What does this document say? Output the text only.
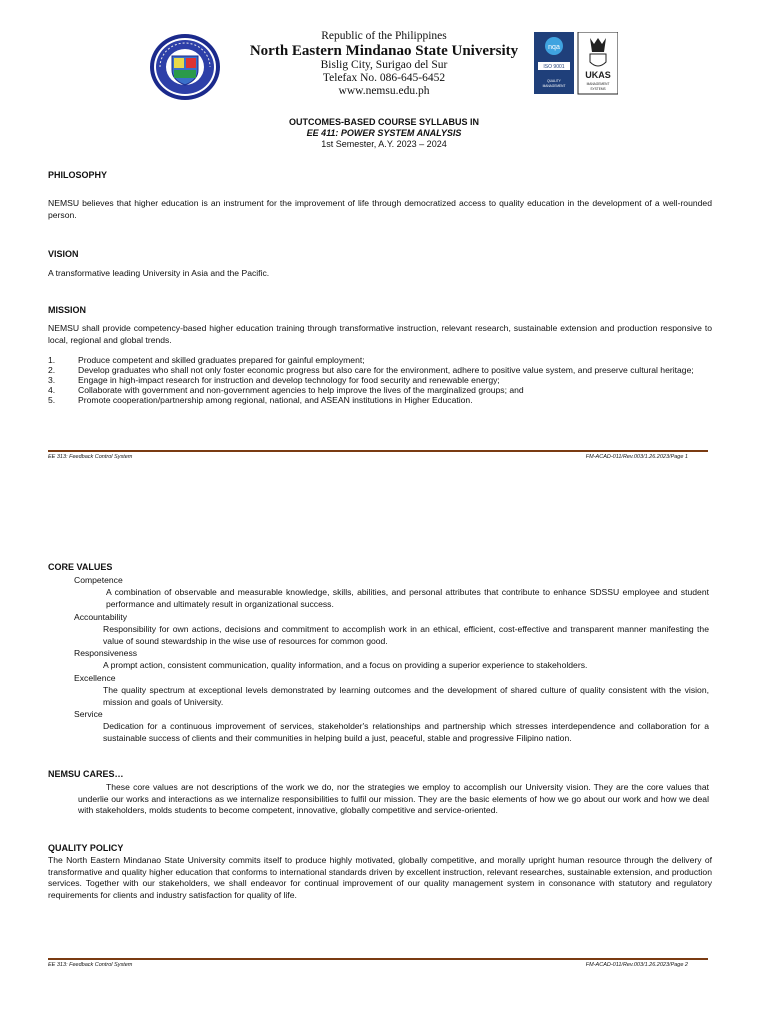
nqa
ISO 9001
QUALITY
MANAGEMENT
UKAS
MANAGEMENT
SYSTEMS
Republic of the Philippines
North Eastern Mindanao State University
Bislig City, Surigao del Sur
Telefax No. 086-645-6452
www.nemsu.edu.ph
OUTCOMES-BASED COURSE SYLLABUS IN
EE 411: POWER SYSTEM ANALYSIS
1st Semester, A.Y. 2023 – 2024
PHILOSOPHY
NEMSU believes that higher education is an instrument for the improvement of life through democratized access to quality education in the development of a well-rounded person.
VISION
A transformative leading University in Asia and the Pacific.
MISSION
NEMSU shall provide competency-based higher education training through transformative instruction, relevant research, sustainable extension and production responsive to local, regional and global trends.
1.	Produce competent and skilled graduates prepared for gainful employment;
2.	Develop graduates who shall not only foster economic progress but also care for the environment, adhere to positive value system, and preserve cultural heritage;
3.	Engage in high-impact research for instruction and develop technology for food security and renewable energy;
4.	Collaborate with government and non-government agencies to help improve the lives of the marginalized groups; and
5.	Promote cooperation/partnership among regional, national, and ASEAN institutions in Higher Education.
EE 313: Feedback Control System	FM-ACAD-011/Rev.003/1.26.2023/Page 1
CORE VALUES
Competence
A combination of observable and measurable knowledge, skills, abilities, and personal attributes that contribute to enhance SDSSU employee and student performance and ultimately result in organizational success.
Accountability
Responsibility for own actions, decisions and commitment to accomplish work in an ethical, efficient, cost-effective and transparent manner manifesting the value of sound stewardship in the wise use of resources for common good.
Responsiveness
A prompt action, consistent communication, quality information, and a focus on providing a superior experience to stakeholders.
Excellence
The quality spectrum at exceptional levels demonstrated by learning outcomes and the development of shared culture of quality consistent with the vision, mission and goals of University.
Service
Dedication for a continuous improvement of services, stakeholder's relationships and partnership which stresses interdependence and collaboration for a sustainable success of clients and their communities in helping build a just, peaceful, stable and progressive Filipino nation.
NEMSU CARES…
These core values are not descriptions of the work we do, nor the strategies we employ to accomplish our University vision. They are the core values that underlie our works and interactions as we internalize responsibilities to fulfil our mission. They are the basic elements of how we go about our work and how we deal with stakeholders, molds students to become competent, innovative, globally competitive and service-oriented.
QUALITY POLICY
The North Eastern Mindanao State University commits itself to produce highly motivated, globally competitive, and morally upright human resource through the delivery of transformative and quality higher education that conforms to international standards driven by excellent instruction, relevant researches, sustainable extension, and production services. Together with our stakeholders, we shall endeavor for continual improvement of our quality management system in consonance with statutory and regulatory requirements for clients and industry satisfaction for quality of life.
EE 313: Feedback Control System	FM-ACAD-011/Rev.003/1.26.2023/Page 2
